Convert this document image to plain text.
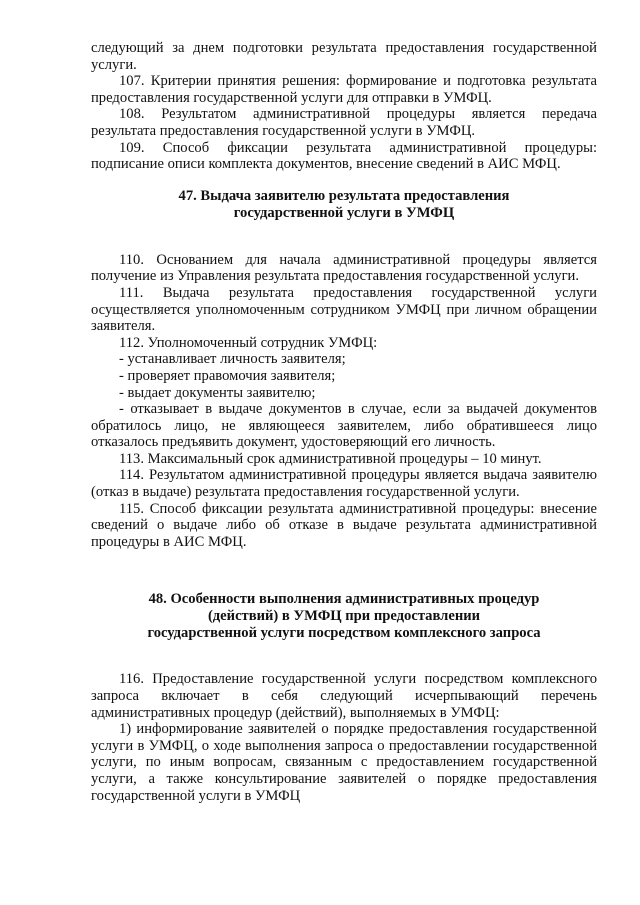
следующий за днем подготовки результата предоставления государственной услуги.

107. Критерии принятия решения: формирование и подготовка результата предоставления государственной услуги для отправки в УМФЦ.

108. Результатом административной процедуры является передача результата предоставления государственной услуги в УМФЦ.

109. Способ фиксации результата административной процедуры: подписание описи комплекта документов, внесение сведений в АИС МФЦ.

47. Выдача заявителю результата предоставления
государственной услуги в УМФЦ

110. Основанием для начала административной процедуры является получение из Управления результата предоставления государственной услуги.

111. Выдача результата предоставления государственной услуги осуществляется уполномоченным сотрудником УМФЦ при личном обращении заявителя.

112. Уполномоченный сотрудник УМФЦ:

- устанавливает личность заявителя;

- проверяет правомочия заявителя;

- выдает документы заявителю;

- отказывает в выдаче документов в случае, если за выдачей документов обратилось лицо, не являющееся заявителем, либо обратившееся лицо отказалось предъявить документ, удостоверяющий его личность.

113. Максимальный срок административной процедуры – 10 минут.

114. Результатом административной процедуры является выдача заявителю (отказ в выдаче) результата предоставления государственной услуги.

115. Способ фиксации результата административной процедуры: внесение сведений о выдаче либо об отказе в выдаче результата административной процедуры в АИС МФЦ.

48. Особенности выполнения административных процедур
(действий) в УМФЦ при предоставлении
государственной услуги посредством комплексного запроса

116. Предоставление государственной услуги посредством комплексного запроса включает в себя следующий исчерпывающий перечень административных процедур (действий), выполняемых в УМФЦ:

1) информирование заявителей о порядке предоставления государственной услуги в УМФЦ, о ходе выполнения запроса о предоставлении государственной услуги, по иным вопросам, связанным с предоставлением государственной услуги, а также консультирование заявителей о порядке предоставления государственной услуги в УМФЦ
